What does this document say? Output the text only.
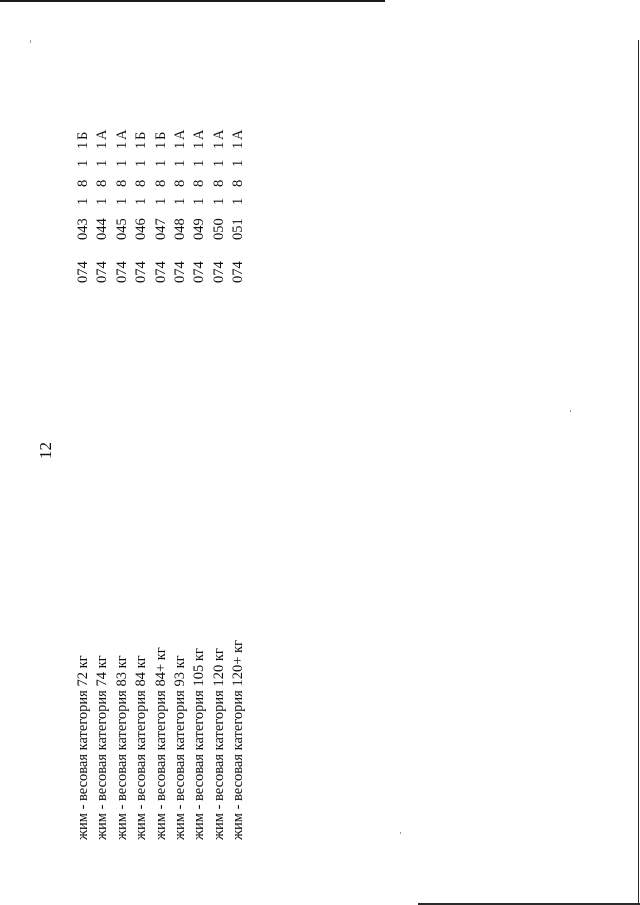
12

жим - весовая категория 72 кг
074
043
1
8
1
1
Б
жим - весовая категория 74 кг
074
044
1
8
1
1
А
жим - весовая категория 83 кг
074
045
1
8
1
1
А
жим - весовая категория 84 кг
074
046
1
8
1
1
Б
жим - весовая категория 84+ кг
074
047
1
8
1
1
Б
жим - весовая категория 93 кг
074
048
1
8
1
1
А
жим - весовая категория 105 кг
074
049
1
8
1
1
А
жим - весовая категория 120 кг
074
050
1
8
1
1
А
жим - весовая категория 120+ кг
074
051
1
8
1
1
А
